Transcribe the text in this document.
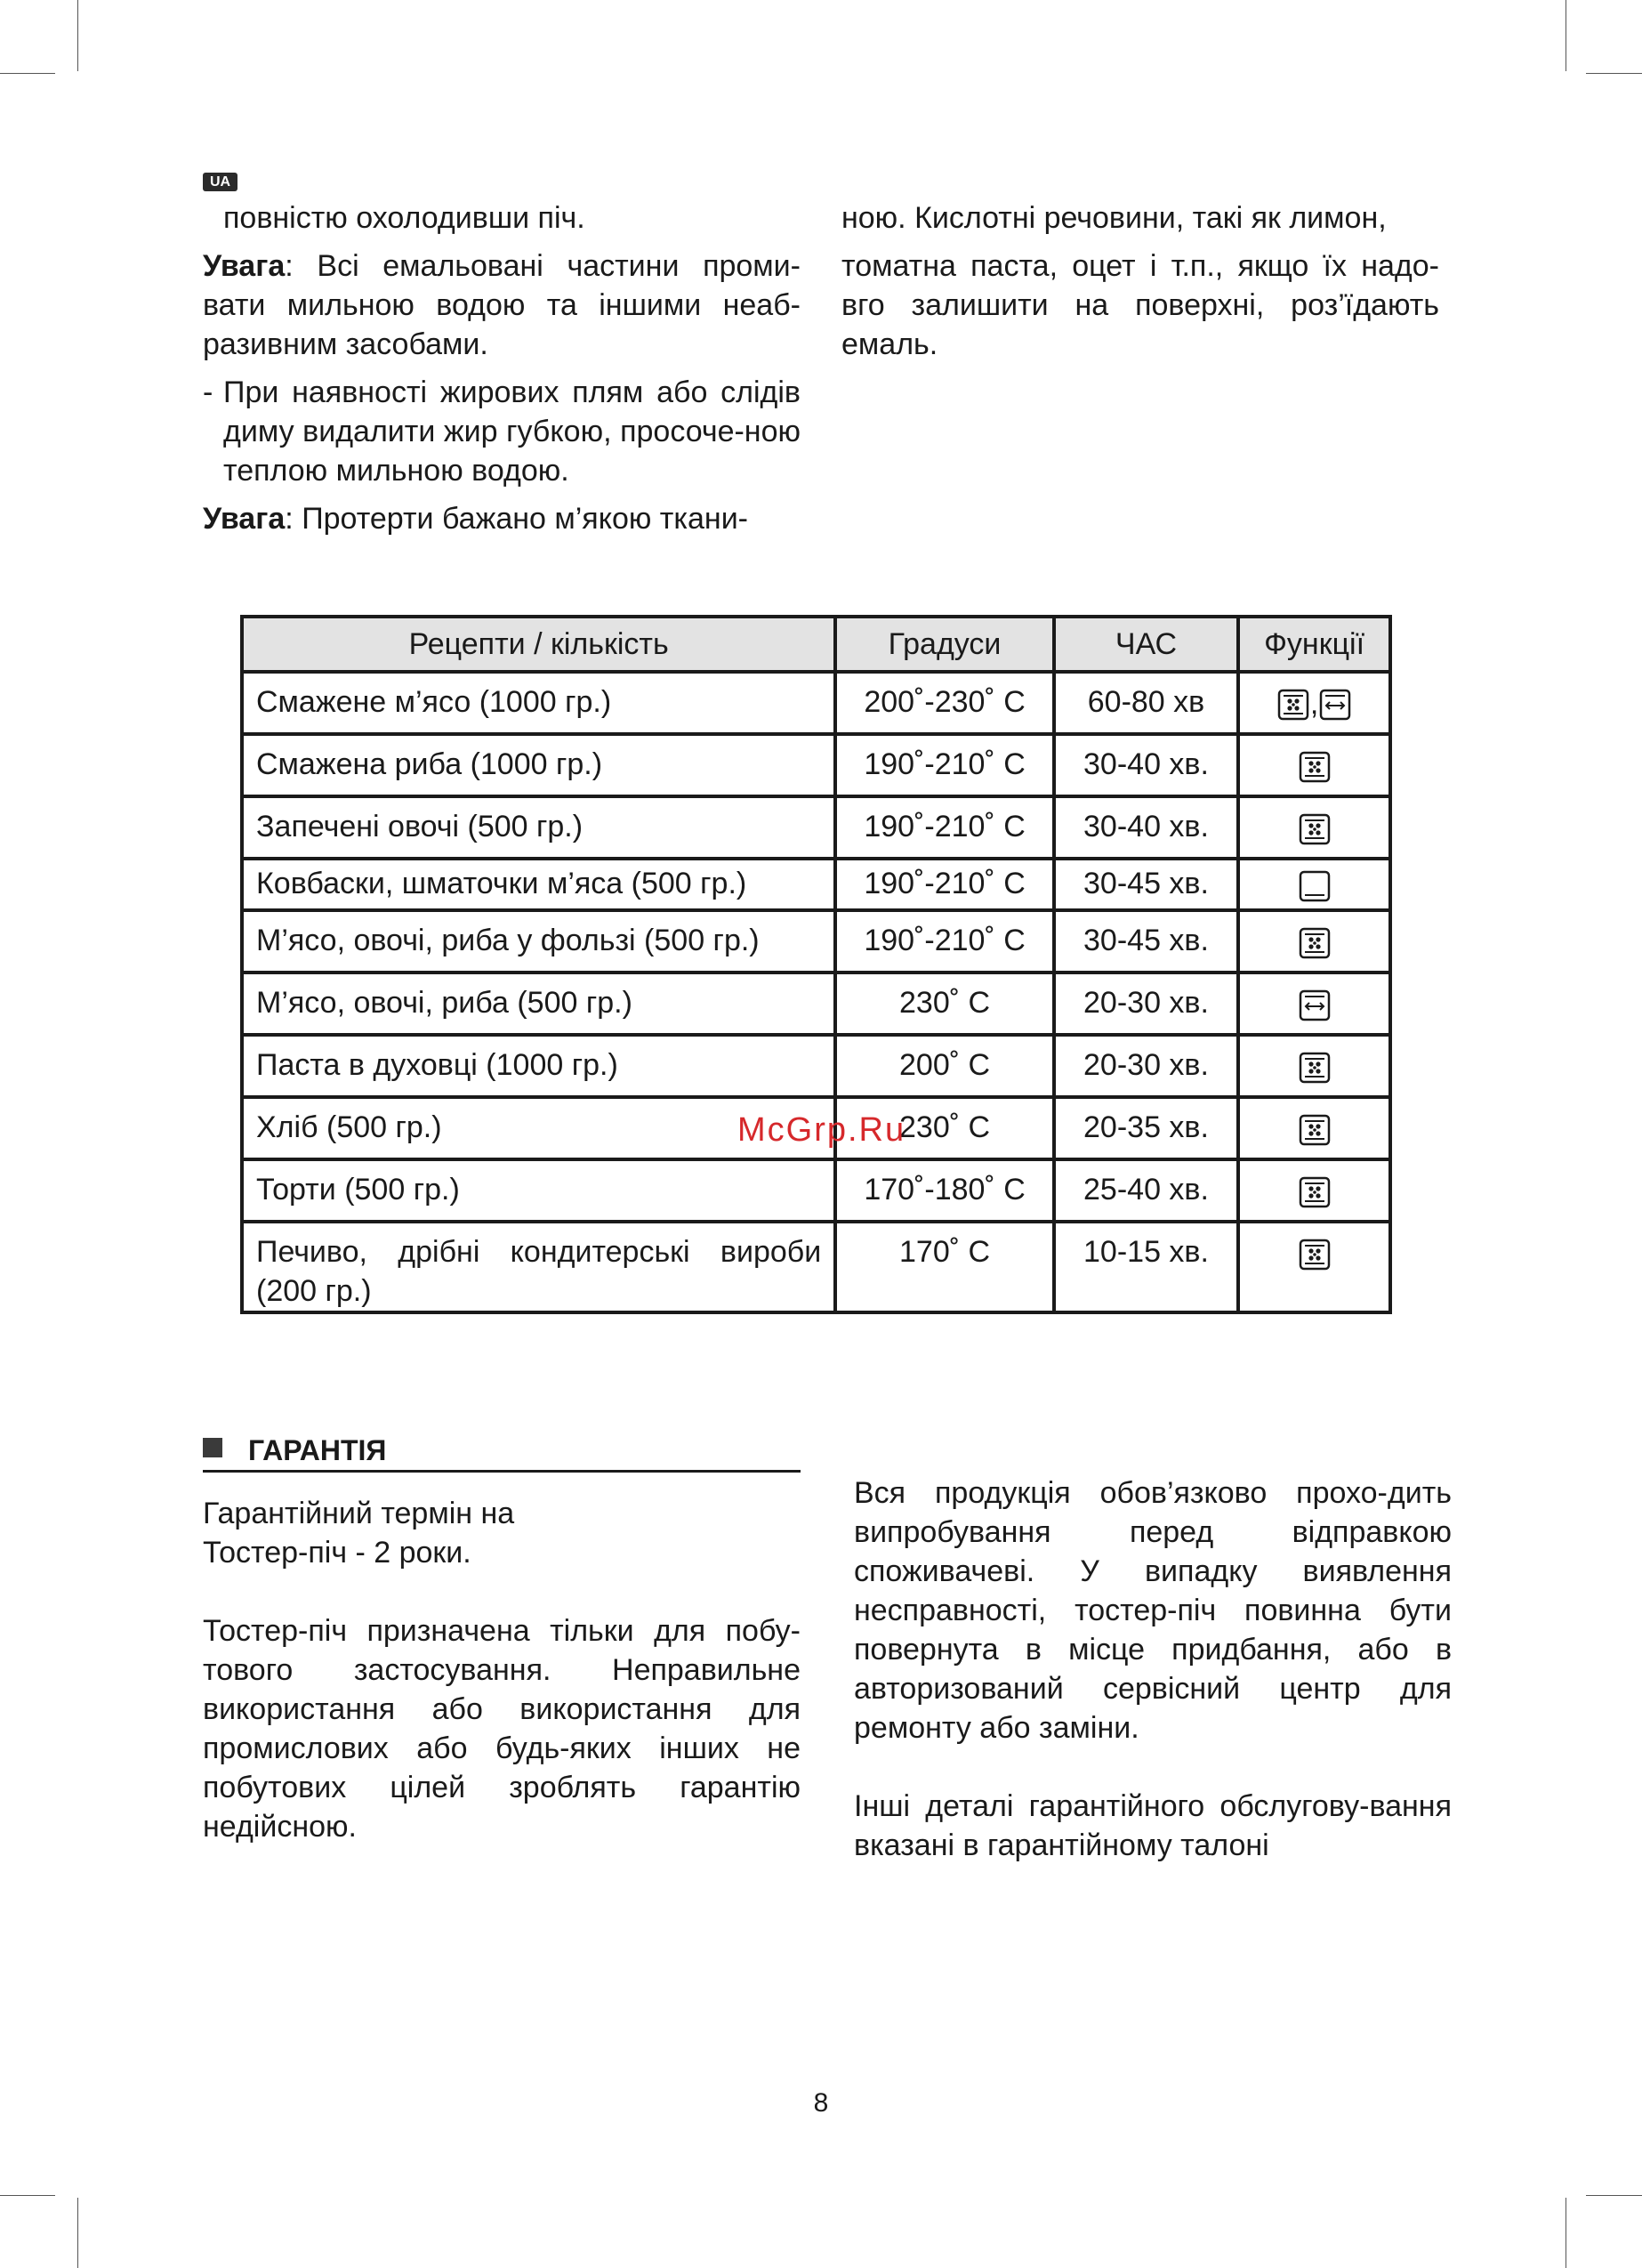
UA

повністю охолодивши піч.

Увага: Всі емальовані частини проми-вати мильною водою та іншими неаб-разивним засобами.

- При наявності жирових плям або слідів диму видалити жир губкою, просоче-ною теплою мильною водою.

Увага: Протерти бажано м’якою ткани-

ною. Кислотні речовини, такі як лимон,

томатна паста, оцет і т.п., якщо їх надо-вго залишити на поверхні, роз’їдають емаль.

Рецепти / кількість	Градуси	ЧАС	Функції
Смажене м’ясо (1000 гр.)	200˚-230˚ C	60-80 хв	,
Смажена риба (1000 гр.)	190˚-210˚ C	30-40 хв.	
Запечені овочі (500 гр.)	190˚-210˚ C	30-40 хв.	
Ковбаски, шматочки м’яса (500 гр.)	190˚-210˚ C	30-45 хв.	
М’ясо, овочі, риба у фользі (500 гр.)	190˚-210˚ C	30-45 хв.	
М’ясо, овочі, риба (500 гр.)	230˚ C	20-30 хв.	
Паста в духовці (1000 гр.)	200˚ C	20-30 хв.	
Хліб (500 гр.)	230˚ C	20-35 хв.	
Торти (500 гр.)	170˚-180˚ C	25-40 хв.	
Печиво, дрібні кондитерські вироби (200 гр.)	170˚ C	10-15 хв.	
McGrp.Ru
ГАРАНТІЯ

Гарантійний термін на

Тостер-піч - 2 роки.

Тостер-піч призначена тільки для побу-тового застосування. Неправильне використання або використання для промислових або будь-яких інших не побутових цілей зроблять гарантію недійсною.

Вся продукція обов’язково прохо-дить випробування перед відправкою споживачеві. У випадку виявлення несправності, тостер-піч повинна бути повернута в місце придбання, або в авторизований сервісний центр для ремонту або заміни.

Інші деталі гарантійного обслугову-вання вказані в гарантійному талоні

8
